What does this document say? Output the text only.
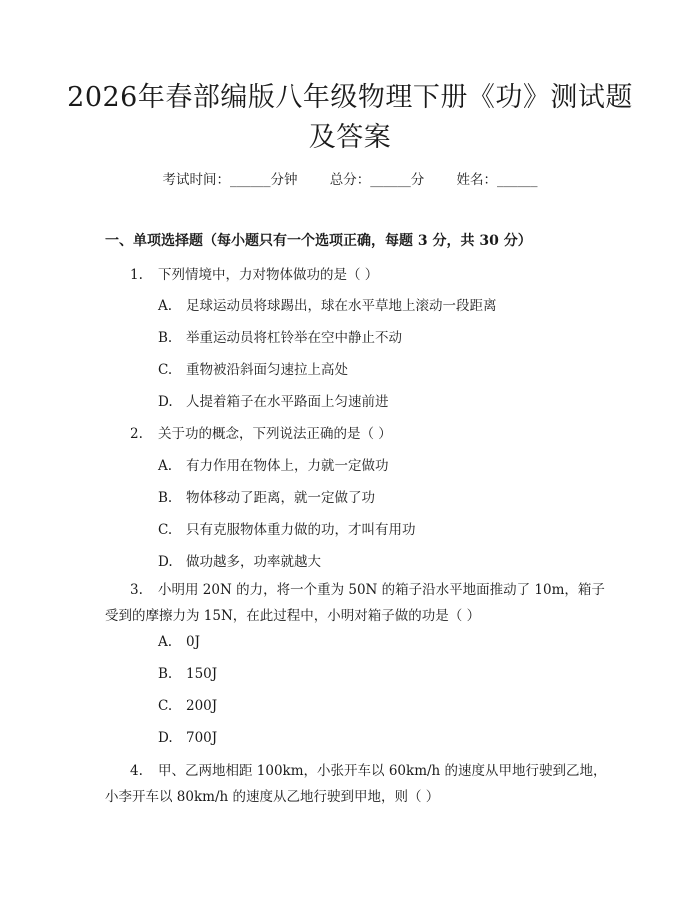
2026年春部编版八年级物理下册《功》测试题及答案
考试时间：______分钟 总分：______分 姓名：______
一、单项选择题（每小题只有一个选项正确，每题 3 分，共 30 分）
1. 下列情境中，力对物体做功的是（ ）
A. 足球运动员将球踢出，球在水平草地上滚动一段距离
B. 举重运动员将杠铃举在空中静止不动
C. 重物被沿斜面匀速拉上高处
D. 人提着箱子在水平路面上匀速前进
2. 关于功的概念，下列说法正确的是（ ）
A. 有力作用在物体上，力就一定做功
B. 物体移动了距离，就一定做了功
C. 只有克服物体重力做的功，才叫有用功
D. 做功越多，功率就越大
3. 小明用 20N 的力，将一个重为 50N 的箱子沿水平地面推动了 10m，箱子受到的摩擦力为 15N，在此过程中，小明对箱子做的功是（ ）
A. 0J
B. 150J
C. 200J
D. 700J
4. 甲、乙两地相距 100km，小张开车以 60km/h 的速度从甲地行驶到乙地，小李开车以 80km/h 的速度从乙地行驶到甲地，则（ ）
